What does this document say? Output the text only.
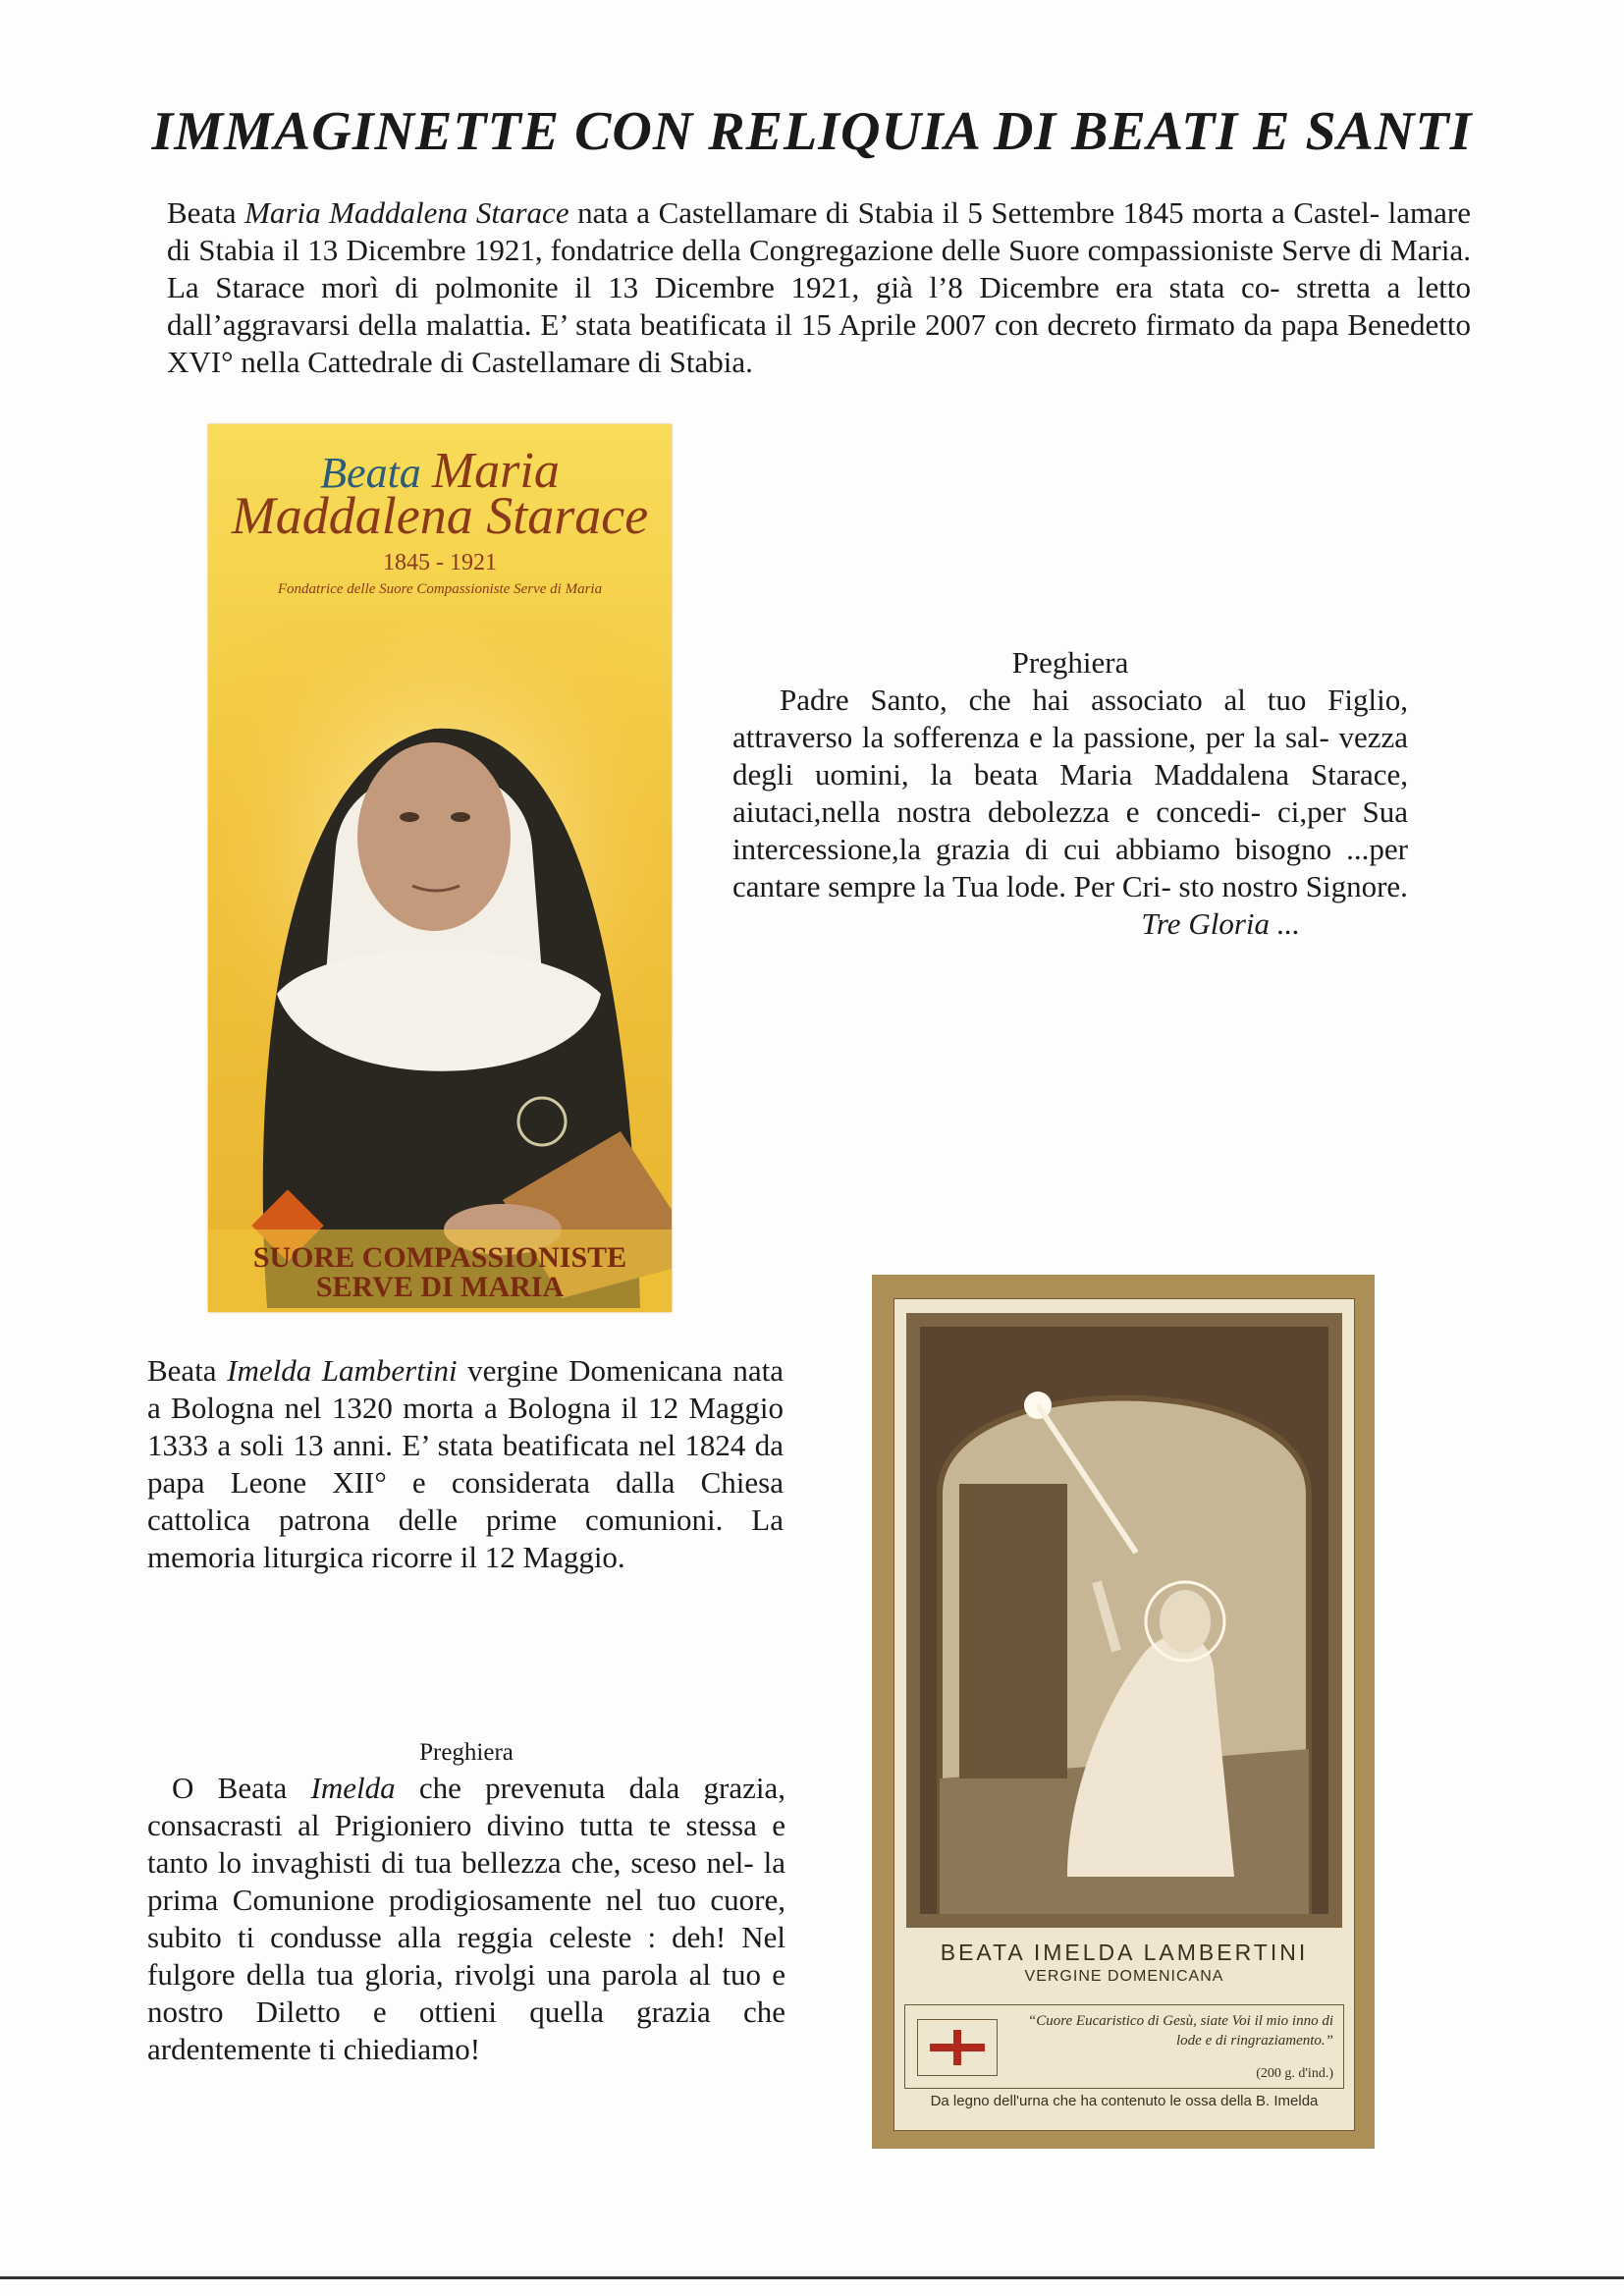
IMMAGINETTE CON RELIQUIA DI BEATI E SANTI
Beata Maria Maddalena Starace nata a Castellamare di Stabia il 5 Settembre 1845 morta a Castel- lamare di Stabia il 13 Dicembre 1921, fondatrice della Congregazione delle Suore compassioniste Serve di Maria. La Starace morì di polmonite il 13 Dicembre 1921, già l’8 Dicembre era stata co- stretta a letto dall’aggravarsi della malattia. E’ stata beatificata il 15 Aprile 2007 con decreto firmato da papa Benedetto XVI° nella Cattedrale di Castellamare di Stabia.
Beata Maria
Maddalena Starace
1845 - 1921
Fondatrice delle Suore Compassioniste Serve di Maria
SUORE COMPASSIONISTE
SERVE DI MARIA
Preghiera
Padre Santo, che hai associato al tuo Figlio, attraverso la sofferenza e la passione, per la sal- vezza degli uomini, la beata Maria Maddalena Starace, aiutaci,nella nostra debolezza e concedi- ci,per Sua intercessione,la grazia di cui abbiamo bisogno ...per cantare sempre la Tua lode. Per Cri- sto nostro Signore.
Tre Gloria ...
Beata Imelda Lambertini vergine Domenicana nata a Bologna nel 1320 morta a Bologna il 12 Maggio 1333 a soli 13 anni. E’ stata beatificata nel 1824 da papa Leone XII° e considerata dalla Chiesa cattolica patrona delle prime comunioni. La memoria liturgica ricorre il 12 Maggio.
Preghiera
O Beata Imelda che prevenuta dala grazia, consacrasti al Prigioniero divino tutta te stessa e tanto lo invaghisti di tua bellezza che, sceso nel- la prima Comunione prodigiosamente nel tuo cuore, subito ti condusse alla reggia celeste : deh! Nel fulgore della tua gloria, rivolgi una parola al tuo e nostro Diletto e ottieni quella grazia che ardentemente ti chiediamo!
BEATA IMELDA LAMBERTINI
VERGINE DOMENICANA
“Cuore Eucaristico di Gesù, siate Voi il mio inno di lode e di ringraziamento.”
(200 g. d'ind.)
Da legno dell'urna che ha contenuto le ossa della B. Imelda
